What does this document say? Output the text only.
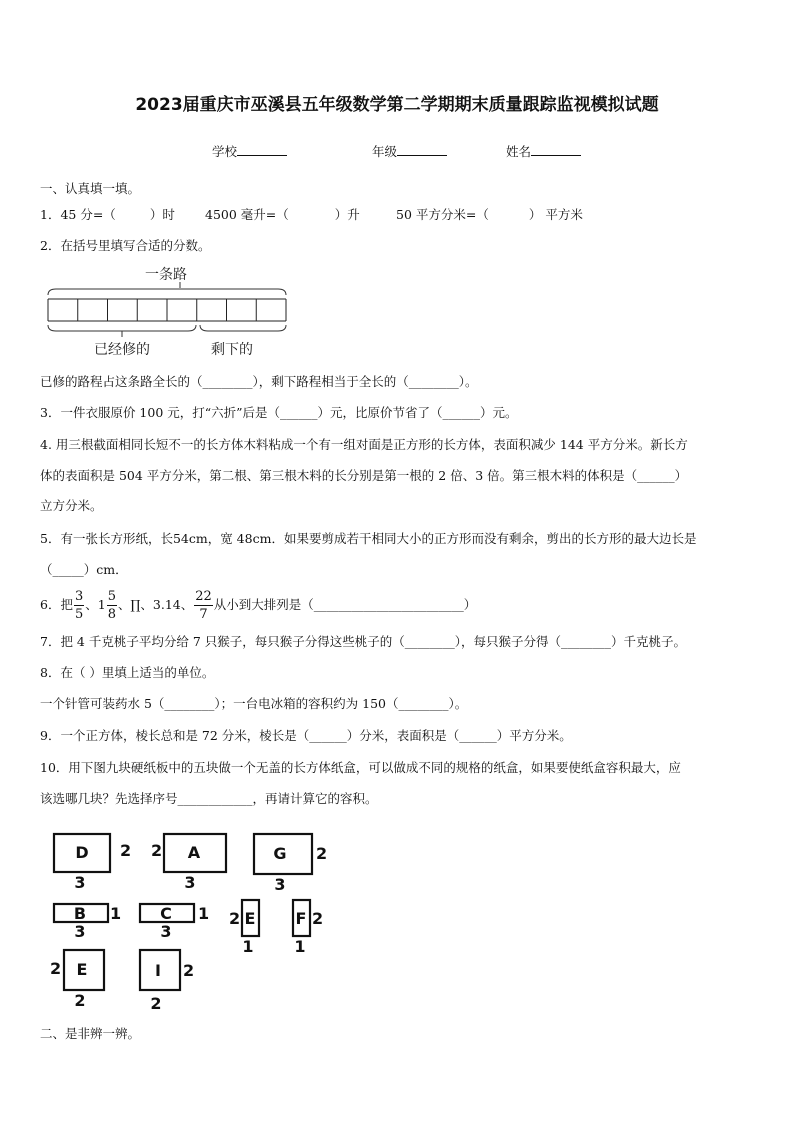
2023届重庆市巫溪县五年级数学第二学期期末质量跟踪监视模拟试题
学校	年级	姓名
一、认真填一填。
1．45 分=（	）时 4500 毫升=（	）升	50 平方分米=（	） 平方米
2．在括号里填写合适的分数。
一条路
已经修的	剩下的
已修的路程占这条路全长的（________），剩下路程相当于全长的（________）。
3．一件衣服原价 100 元，打“六折”后是（______）元，比原价节省了（______）元。
4. 用三根截面相同长短不一的长方体木料粘成一个有一组对面是正方形的长方体，表面积减少 144 平方分米。新长方
体的表面积是 504 平方分米，第二根、第三根木料的长分别是第一根的 2 倍、3 倍。第三根木料的体积是（______）
立方分米。
5．有一张长方形纸，长54cm，宽 48cm．如果要剪成若干相同大小的正方形而没有剩余，剪出的长方形的最大边长是
（_____）cm．
6．把 $\frac{3}{5}$ 、$1 \frac{5}{8}$ 、∏、3.14、 $\frac{22}{7}$ 从小到大排列是（________________________）
7．把 4 千克桃子平均分给 7 只猴子，每只猴子分得这些桃子的（________），每只猴子分得（________）千克桃子。
8．在（ ）里填上适当的单位。
一个针管可装药水 5（________）；一台电冰箱的容积约为 150（________）。
9．一个正方体，棱长总和是 72 分米，棱长是（______）分米，表面积是（______）平方分米。
10．用下图九块硬纸板中的五块做一个无盖的长方体纸盒，可以做成不同的规格的纸盒，如果要使纸盒容积最大，应
该选哪几块？先选择序号____________，再请计算它的容积。
D 2
3
A
2
3
G 2
3
B 1
3
C 1
3
E
2
1
F 2
1
E
2
2
I 2
2
二、是非辨一辨。
